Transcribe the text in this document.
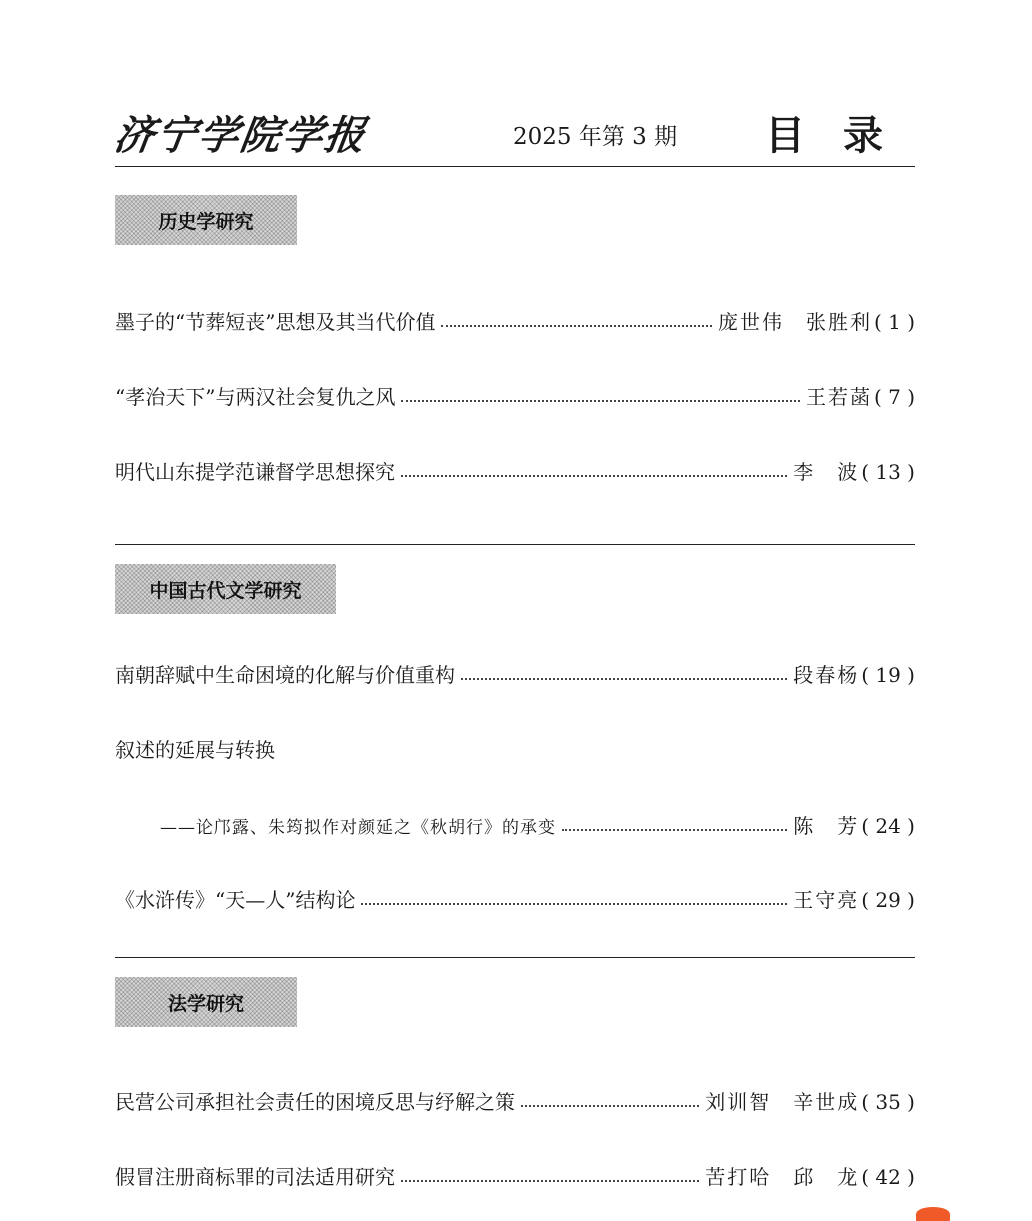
济宁学院学报	2025 年第 3 期 目录
历史学研究
墨子的“节葬短丧”思想及其当代价值	庞世伟　张胜利 ( 1 )
“孝治天下”与两汉社会复仇之风	王若菡 ( 7 )
明代山东提学范谦督学思想探究	李　波 ( 13 )
中国古代文学研究
南朝辞赋中生命困境的化解与价值重构	段春杨 ( 19 )
叙述的延展与转换
——论邝露、朱筠拟作对颜延之《秋胡行》的承变	陈　芳 ( 24 )
《水浒传》“天—人”结构论	王守亮 ( 29 )
法学研究
民营公司承担社会责任的困境反思与纾解之策	刘训智　辛世成 ( 35 )
假冒注册商标罪的司法适用研究	苦打哈　邱　龙 ( 42 )
